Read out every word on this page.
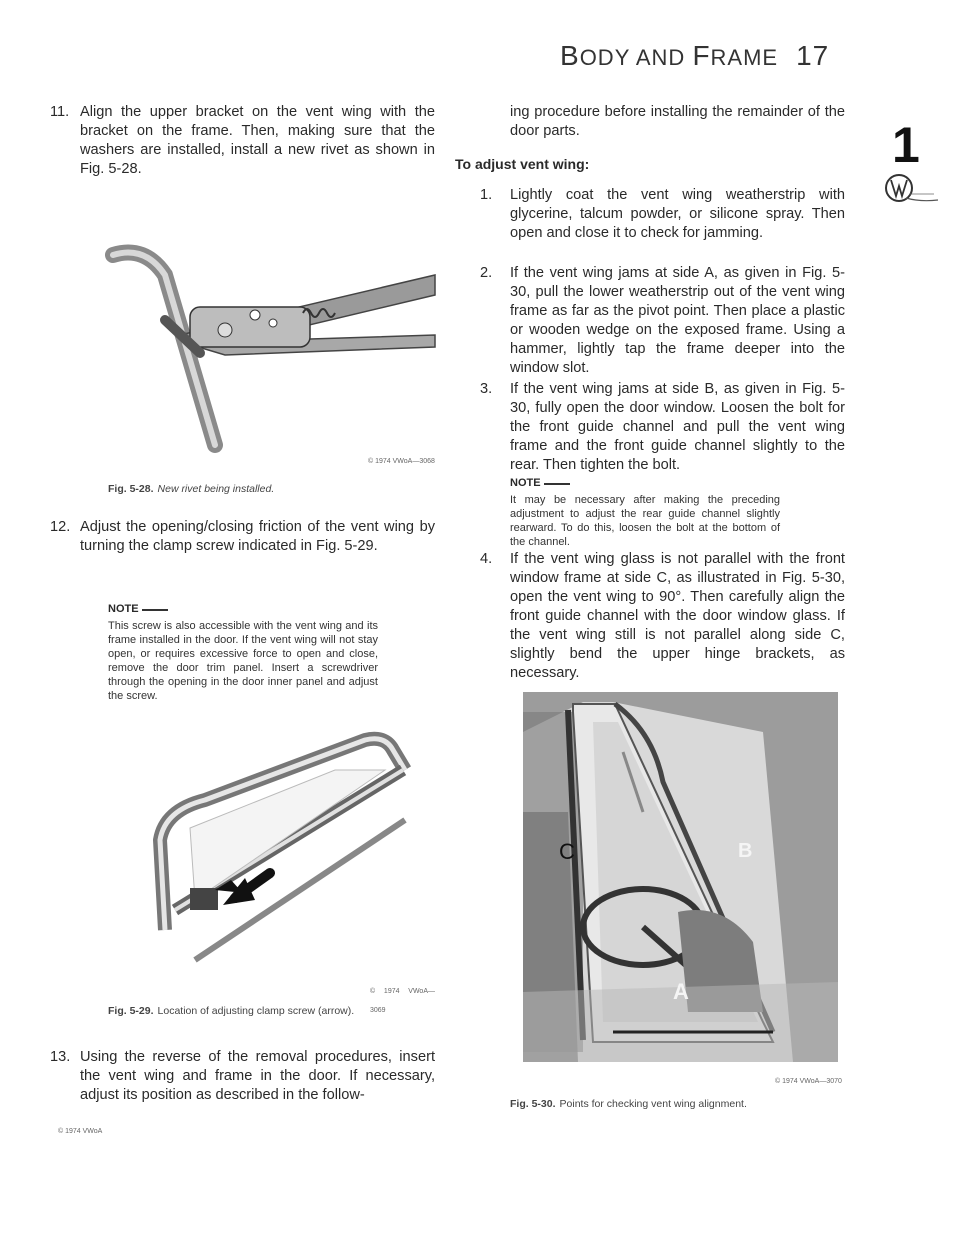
BODY AND FRAME 17
1
11. Align the upper bracket on the vent wing with the bracket on the frame. Then, making sure that the washers are installed, install a new rivet as shown in Fig. 5-28.
© 1974 VWoA—3068
Fig. 5-28. New rivet being installed.
12. Adjust the opening/closing friction of the vent wing by turning the clamp screw indicated in Fig. 5-29.
NOTE
This screw is also accessible with the vent wing and its frame installed in the door. If the vent wing will not stay open, or requires excessive force to open and close, remove the door trim panel. Insert a screwdriver through the opening in the door inner panel and adjust the screw.
© 1974 VWoA—3069
Fig. 5-29. Location of adjusting clamp screw (arrow).
13. Using the reverse of the removal procedures, insert the vent wing and frame in the door. If necessary, adjust its position as described in the follow-
© 1974 VWoA
ing procedure before installing the remainder of the door parts.
To adjust vent wing:
1. Lightly coat the vent wing weatherstrip with glycerine, talcum powder, or silicone spray. Then open and close it to check for jamming.
2. If the vent wing jams at side A, as given in Fig. 5-30, pull the lower weatherstrip out of the vent wing frame as far as the pivot point. Then place a plastic or wooden wedge on the exposed frame. Using a hammer, lightly tap the frame deeper into the window slot.
3. If the vent wing jams at side B, as given in Fig. 5-30, fully open the door window. Loosen the bolt for the front guide channel and pull the vent wing frame and the front guide channel slightly to the rear. Then tighten the bolt.
NOTE
It may be necessary after making the preceding adjustment to adjust the rear guide channel slightly rearward. To do this, loosen the bolt at the bottom of the channel.
4. If the vent wing glass is not parallel with the front window frame at side C, as illustrated in Fig. 5-30, open the vent wing to 90°. Then carefully align the front guide channel with the door window glass. If the vent wing still is not parallel along side C, slightly bend the upper hinge brackets, as necessary.
C	B
A
© 1974 VWoA—3070
Fig. 5-30. Points for checking vent wing alignment.
